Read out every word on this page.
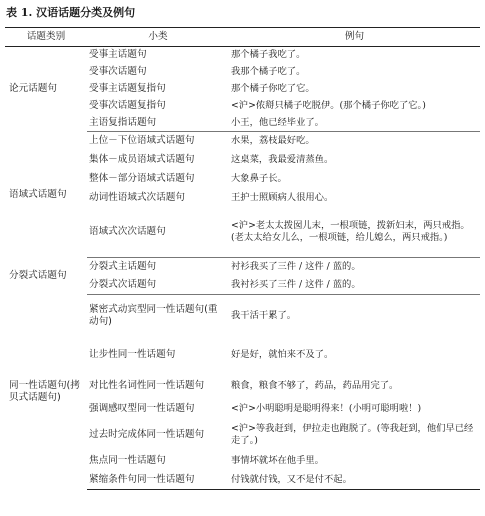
表 1. 汉语话题分类及例句
话题类别	小类	例句
论元话题句	受事主话题句	那个橘子我吃了。
	受事次话题句	我那个橘子吃了。
	受事主话题复指句	那个橘子你吃了它。
	受事次话题复指句	<沪>侬搿只橘子吃脱伊。(那个橘子你吃了它。)
	主语复指话题句	小王，他已经毕业了。
语域式话题句	上位－下位语域式话题句	水果，荔枝最好吃。
	集体－成员语域式话题句	这桌菜，我最爱清蒸鱼。
	整体－部分语域式话题句	大象鼻子长。
	动词性语域式次话题句	王护士照顾病人很用心。
	语域式次次话题句	<沪>老太太拨囡儿末，一根项链，拨新妇末，两只戒指。(老太太给女儿么，一根项链，给儿媳么，两只戒指。)
分裂式话题句	分裂式主话题句	衬衫我买了三件 / 这件 / 蓝的。
	分裂式次话题句	我衬衫买了三件 / 这件 / 蓝的。
同一性话题句(拷贝式话题句)	紧密式动宾型同一性话题句(重动句)	我干活干累了。
	让步性同一性话题句	好是好，就怕来不及了。
	对比性名词性同一性话题句	粮食，粮食不够了，药品，药品用完了。
	强调感叹型同一性话题句	<沪>小明聪明是聪明得来！(小明可聪明啦！)
	过去时完成体同一性话题句	<沪>等我赶到，伊拉走也跑脱了。(等我赶到，他们早已经走了。)
	焦点同一性话题句	事情坏就坏在他手里。
	紧缩条件句同一性话题句	付钱就付钱，又不是付不起。
